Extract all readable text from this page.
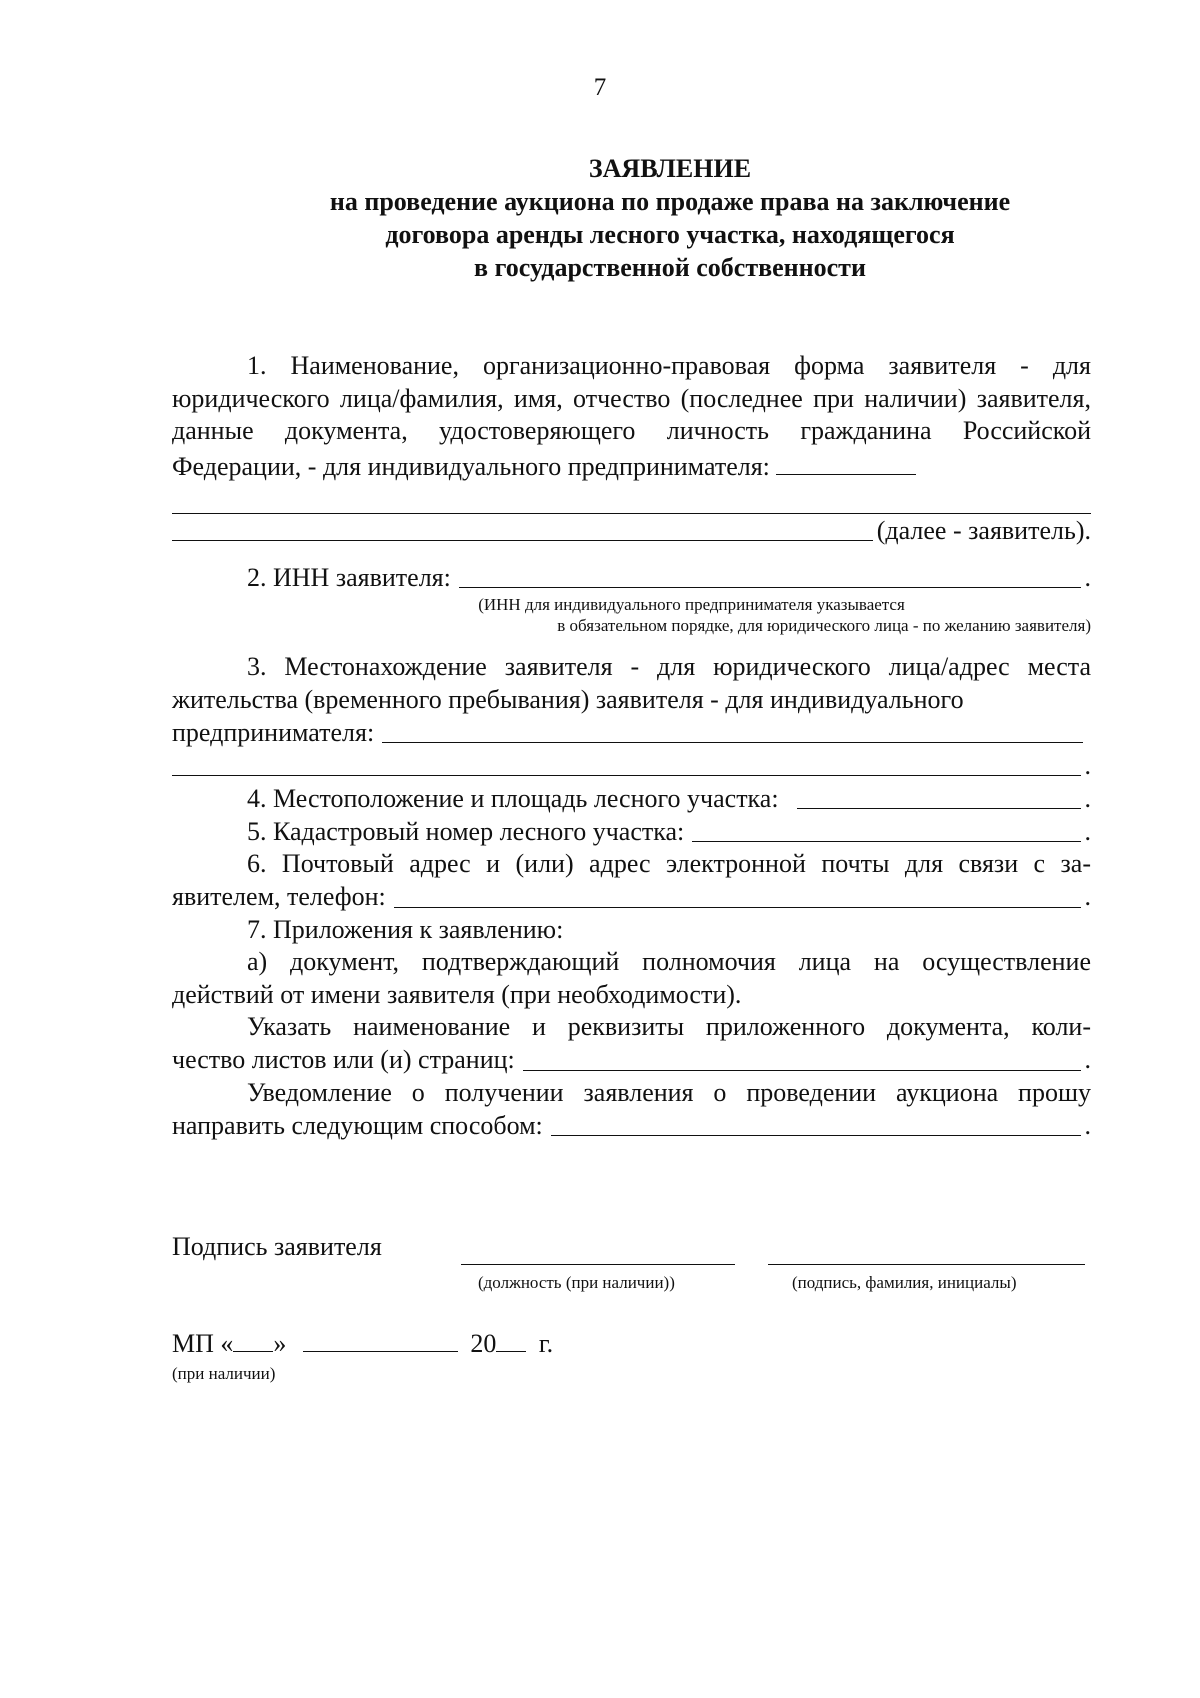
7
ЗАЯВЛЕНИЕ
на проведение аукциона по продаже права на заключение
договора аренды лесного участка, находящегося
в государственной собственности

1. Наименование, организационно-правовая форма заявителя - для юридического лица/фамилия, имя, отчество (последнее при наличии) заявителя, данные документа, удостоверяющего личность гражданина Российской Федерации, - для индивидуального предпринимателя:

(далее - заявитель).
2. ИНН заявителя:	.

(ИНН для индивидуального предпринимателя указывается

в обязательном порядке, для юридического лица - по желанию заявителя)

3. Местонахождение заявителя - для юридического лица/адрес места жительства (временного пребывания) заявителя - для индивидуального

предпринимателя:
.
4. Местоположение и площадь лесного участка:	.
5. Кадастровый номер лесного участка:	.

6. Почтовый адрес и (или) адрес электронной почты для связи с за-

явителем, телефон:	.

7. Приложения к заявлению:

а) документ, подтверждающий полномочия лица на осуществление действий от имени заявителя (при необходимости).

Указать наименование и реквизиты приложенного документа, коли-

чество листов или (и) страниц:	.

Уведомление о получении заявления о проведении аукциона прошу

направить следующим способом:	.
Подпись заявителя
(должность (при наличии))	(подпись, фамилия, инициалы)
МП « »	20 г.
(при наличии)
